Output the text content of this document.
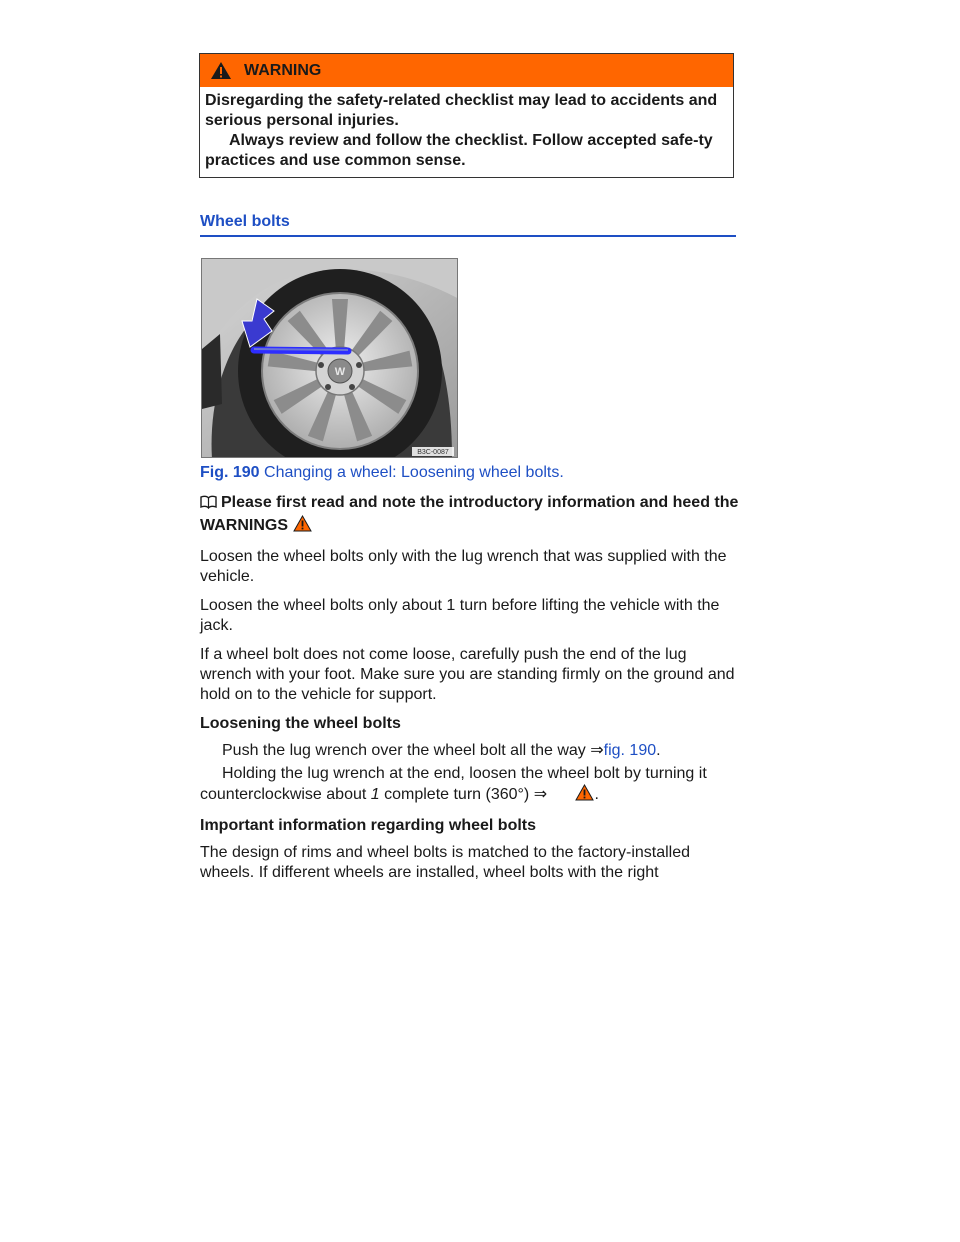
WARNING
Disregarding the safety-related checklist may lead to accidents and serious personal injuries.
Always review and follow the checklist. Follow accepted safe-ty practices and use common sense.
Wheel bolts
W
B3C-0087
Fig. 190 Changing a wheel: Loosening wheel bolts.

Please first read and note the introductory information and heed the WARNINGS

Loosen the wheel bolts only with the lug wrench that was supplied with the vehicle.

Loosen the wheel bolts only about 1 turn before lifting the vehicle with the jack.

If a wheel bolt does not come loose, carefully push the end of the lug wrench with your foot. Make sure you are standing firmly on the ground and hold on to the vehicle for support.

Loosening the wheel bolts

Push the lug wrench over the wheel bolt all the way ⇒fig. 190.

Holding the lug wrench at the end, loosen the wheel bolt by turning it counterclockwise about 1 complete turn (360°) ⇒	.

Important information regarding wheel bolts

The design of rims and wheel bolts is matched to the factory-installed wheels. If different wheels are installed, wheel bolts with the right
